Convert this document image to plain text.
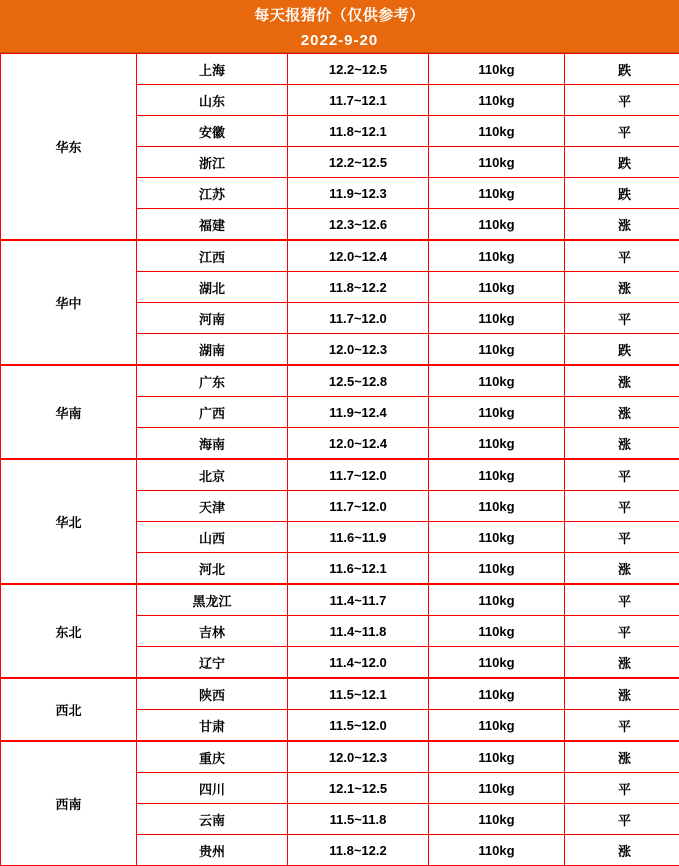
每天报猪价（仅供参考）
2022-9-20
华东	上海	12.2~12.5	110kg	跌
	山东	11.7~12.1	110kg	平
	安徽	11.8~12.1	110kg	平
	浙江	12.2~12.5	110kg	跌
	江苏	11.9~12.3	110kg	跌
	福建	12.3~12.6	110kg	涨
华中	江西	12.0~12.4	110kg	平
	湖北	11.8~12.2	110kg	涨
	河南	11.7~12.0	110kg	平
	湖南	12.0~12.3	110kg	跌
华南	广东	12.5~12.8	110kg	涨
	广西	11.9~12.4	110kg	涨
	海南	12.0~12.4	110kg	涨
华北	北京	11.7~12.0	110kg	平
	天津	11.7~12.0	110kg	平
	山西	11.6~11.9	110kg	平
	河北	11.6~12.1	110kg	涨
东北	黑龙江	11.4~11.7	110kg	平
	吉林	11.4~11.8	110kg	平
	辽宁	11.4~12.0	110kg	涨
西北	陕西	11.5~12.1	110kg	涨
	甘肃	11.5~12.0	110kg	平
西南	重庆	12.0~12.3	110kg	涨
	四川	12.1~12.5	110kg	平
	云南	11.5~11.8	110kg	平
	贵州	11.8~12.2	110kg	涨
